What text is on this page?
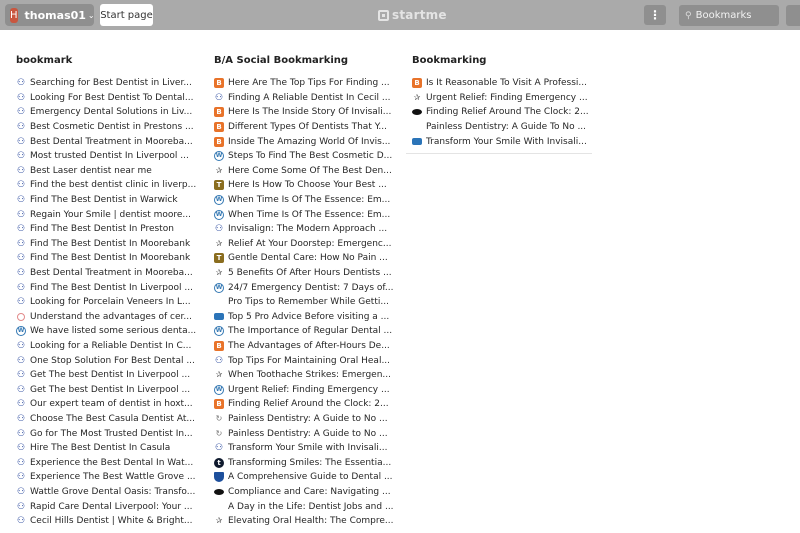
H thomas01 ⌄ Start page	startme	⋮	⚲
Bookmarks
bookmark
⚇ Searching for Best Dentist in Liver...
⚇ Looking For Best Dentist To Dental...
⚇ Emergency Dental Solutions in Liv...
⚇ Best Cosmetic Dentist in Prestons ...
⚇ Best Dental Treatment in Mooreba...
⚇ Most trusted Dentist In Liverpool ...
⚇ Best Laser dentist near me
⚇ Find the best dentist clinic in liverp...
⚇ Find The Best Dentist in Warwick
⚇ Regain Your Smile | dentist moore...
⚇ Find The Best Dentist In Preston
⚇ Find The Best Dentist In Moorebank
⚇ Find The Best Dentist In Moorebank
⚇ Best Dental Treatment in Mooreba...
⚇ Find The Best Dentist In Liverpool ...
⚇ Looking for Porcelain Veneers In L...
Understand the advantages of cer...
W We have listed some serious denta...
⚇ Looking for a Reliable Dentist In C...
⚇ One Stop Solution For Best Dental ...
⚇ Get The best Dentist In Liverpool ...
⚇ Get The best Dentist In Liverpool ...
⚇ Our expert team of dentist in hoxt...
⚇ Choose The Best Casula Dentist At...
⚇ Go for The Most Trusted Dentist In...
⚇ Hire The Best Dentist In Casula
⚇ Experience the Best Dental In Wat...
⚇ Experience The Best Wattle Grove ...
⚇ Wattle Grove Dental Oasis: Transfo...
⚇ Rapid Care Dental Liverpool: Your ...
⚇ Cecil Hills Dentist | White & Bright...
B/A Social Bookmarking
B Here Are The Top Tips For Finding ...
⚇ Finding A Reliable Dentist In Cecil ...
B Here Is The Inside Story Of Invisali...
B Different Types Of Dentists That Y...
B Inside The Amazing World Of Invis...
W Steps To Find The Best Cosmetic D...
✰ Here Come Some Of The Best Den...
T Here Is How To Choose Your Best ...
W When Time Is Of The Essence: Em...
W When Time Is Of The Essence: Em...
⚇ Invisalign: The Modern Approach ...
✰ Relief At Your Doorstep: Emergenc...
T Gentle Dental Care: How No Pain ...
✰ 5 Benefits Of After Hours Dentists ...
W 24/7 Emergency Dentist: 7 Days of...
Pro Tips to Remember While Getti...
Top 5 Pro Advice Before visiting a ...
W The Importance of Regular Dental ...
B The Advantages of After-Hours De...
⚇ Top Tips For Maintaining Oral Heal...
✰ When Toothache Strikes: Emergen...
W Urgent Relief: Finding Emergency ...
B Finding Relief Around the Clock: 2...
↻ Painless Dentistry: A Guide to No ...
↻ Painless Dentistry: A Guide to No ...
⚇ Transform Your Smile with Invisali...
t Transforming Smiles: The Essentia...
A Comprehensive Guide to Dental ...
Compliance and Care: Navigating ...
A Day in the Life: Dentist Jobs and ...
✰ Elevating Oral Health: The Compre...
Bookmarking
B Is It Reasonable To Visit A Professi...
✰ Urgent Relief: Finding Emergency ...
Finding Relief Around The Clock: 2...
Painless Dentistry: A Guide To No ...
Transform Your Smile With Invisali...
